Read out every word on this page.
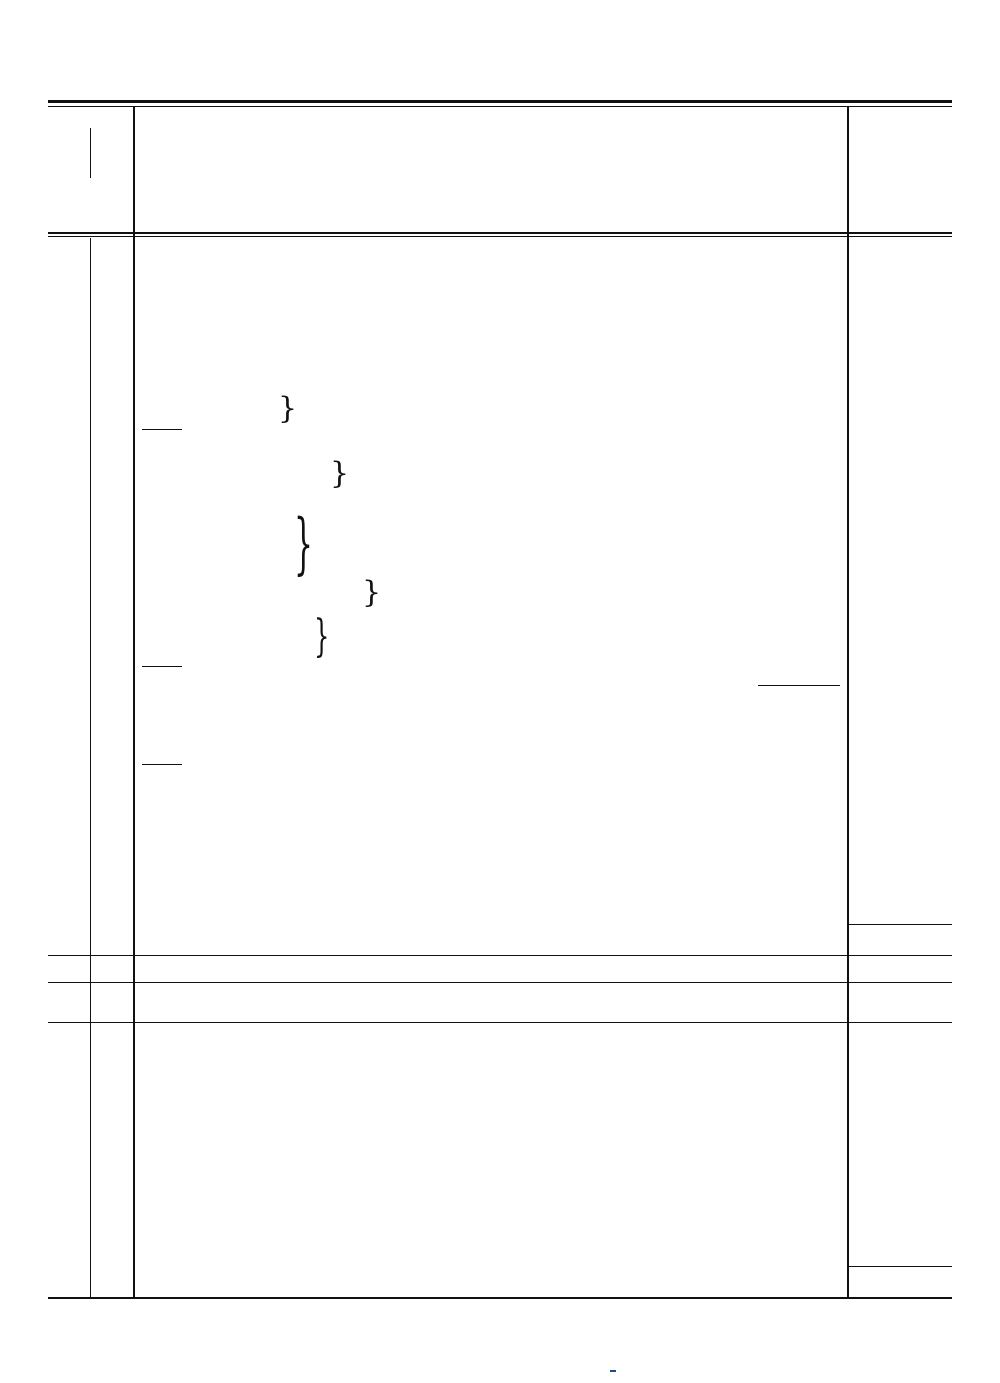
}
}
}
}
}
